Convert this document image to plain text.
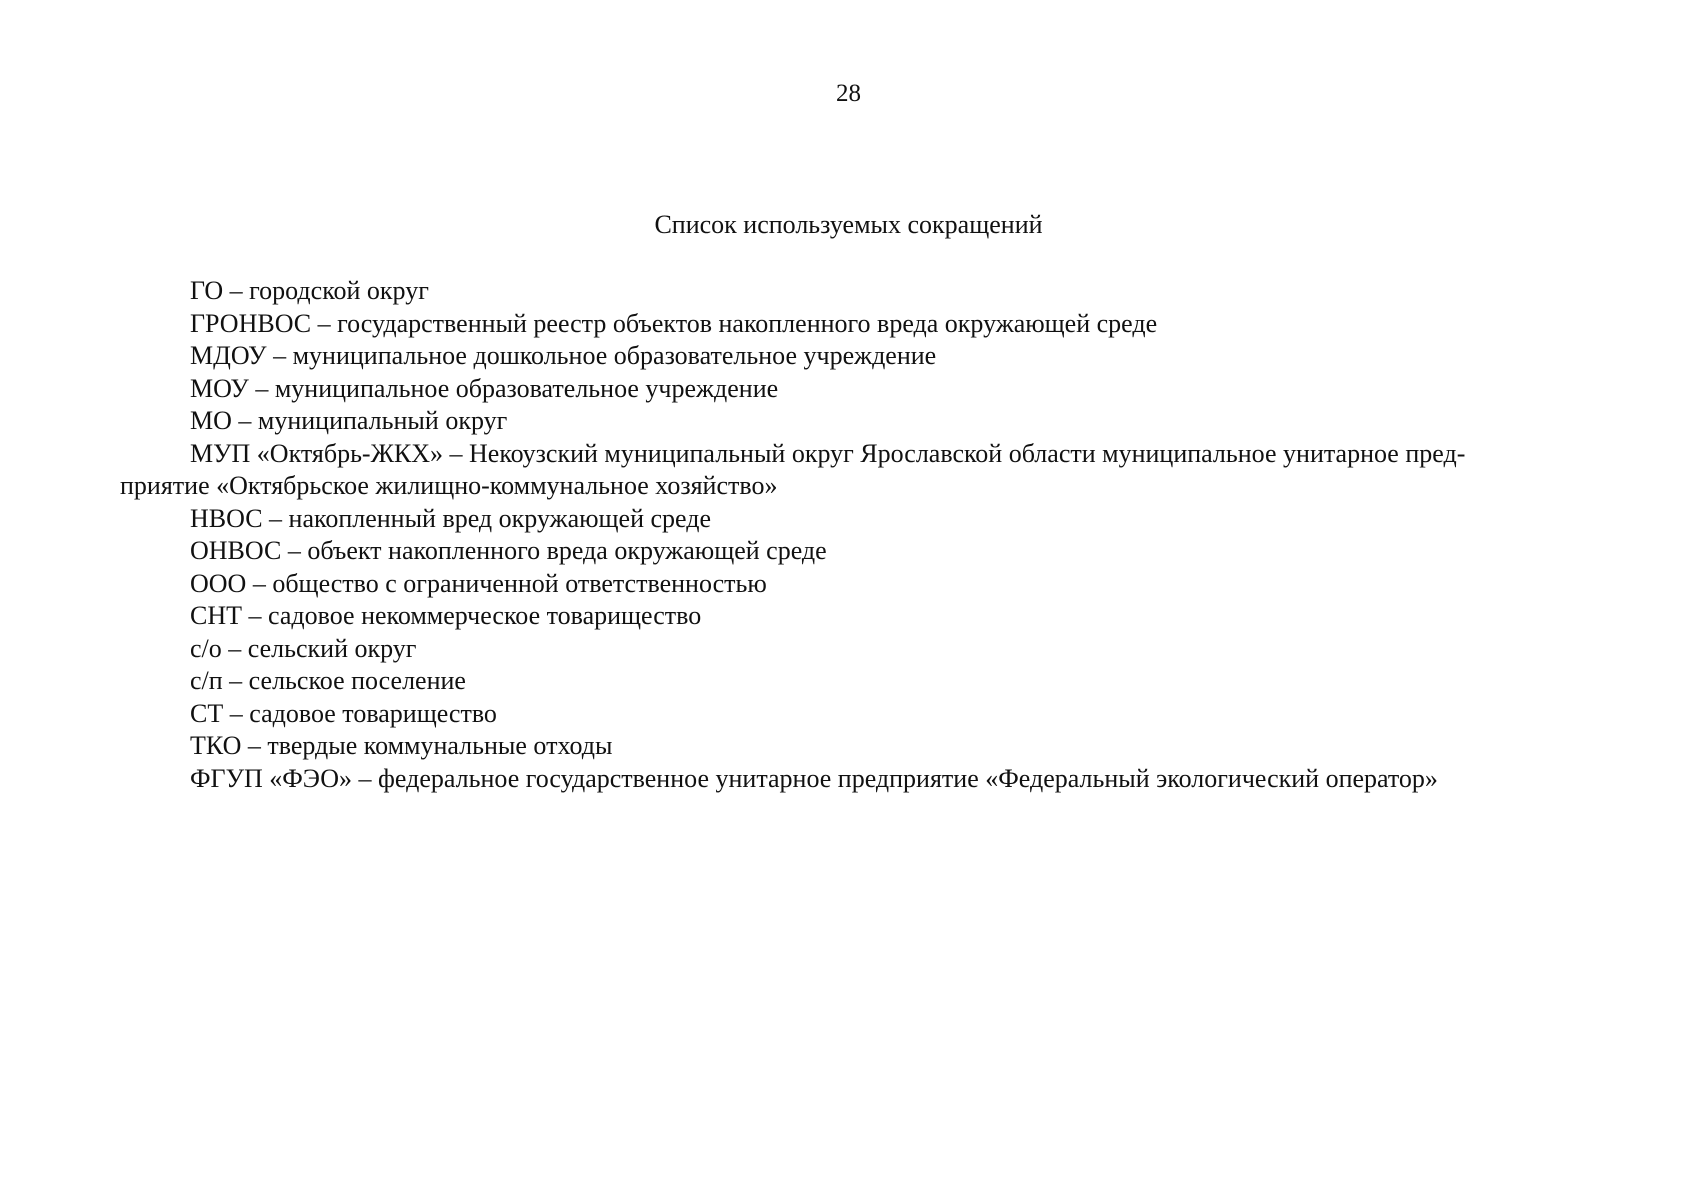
28
Список используемых сокращений
ГО – городской округ
ГРОНВОС – государственный реестр объектов накопленного вреда окружающей среде
МДОУ – муниципальное дошкольное образовательное учреждение
МОУ – муниципальное образовательное учреждение
МО – муниципальный округ
МУП «Октябрь-ЖКХ» – Некоузский муниципальный округ Ярославской области муниципальное унитарное пред-
приятие «Октябрьское жилищно-коммунальное хозяйство»
НВОС – накопленный вред окружающей среде
ОНВОС – объект накопленного вреда окружающей среде
ООО – общество с ограниченной ответственностью
СНТ – садовое некоммерческое товарищество
с/о – сельский округ
с/п – сельское поселение
СТ – садовое товарищество
ТКО – твердые коммунальные отходы
ФГУП «ФЭО» – федеральное государственное унитарное предприятие «Федеральный экологический оператор»
